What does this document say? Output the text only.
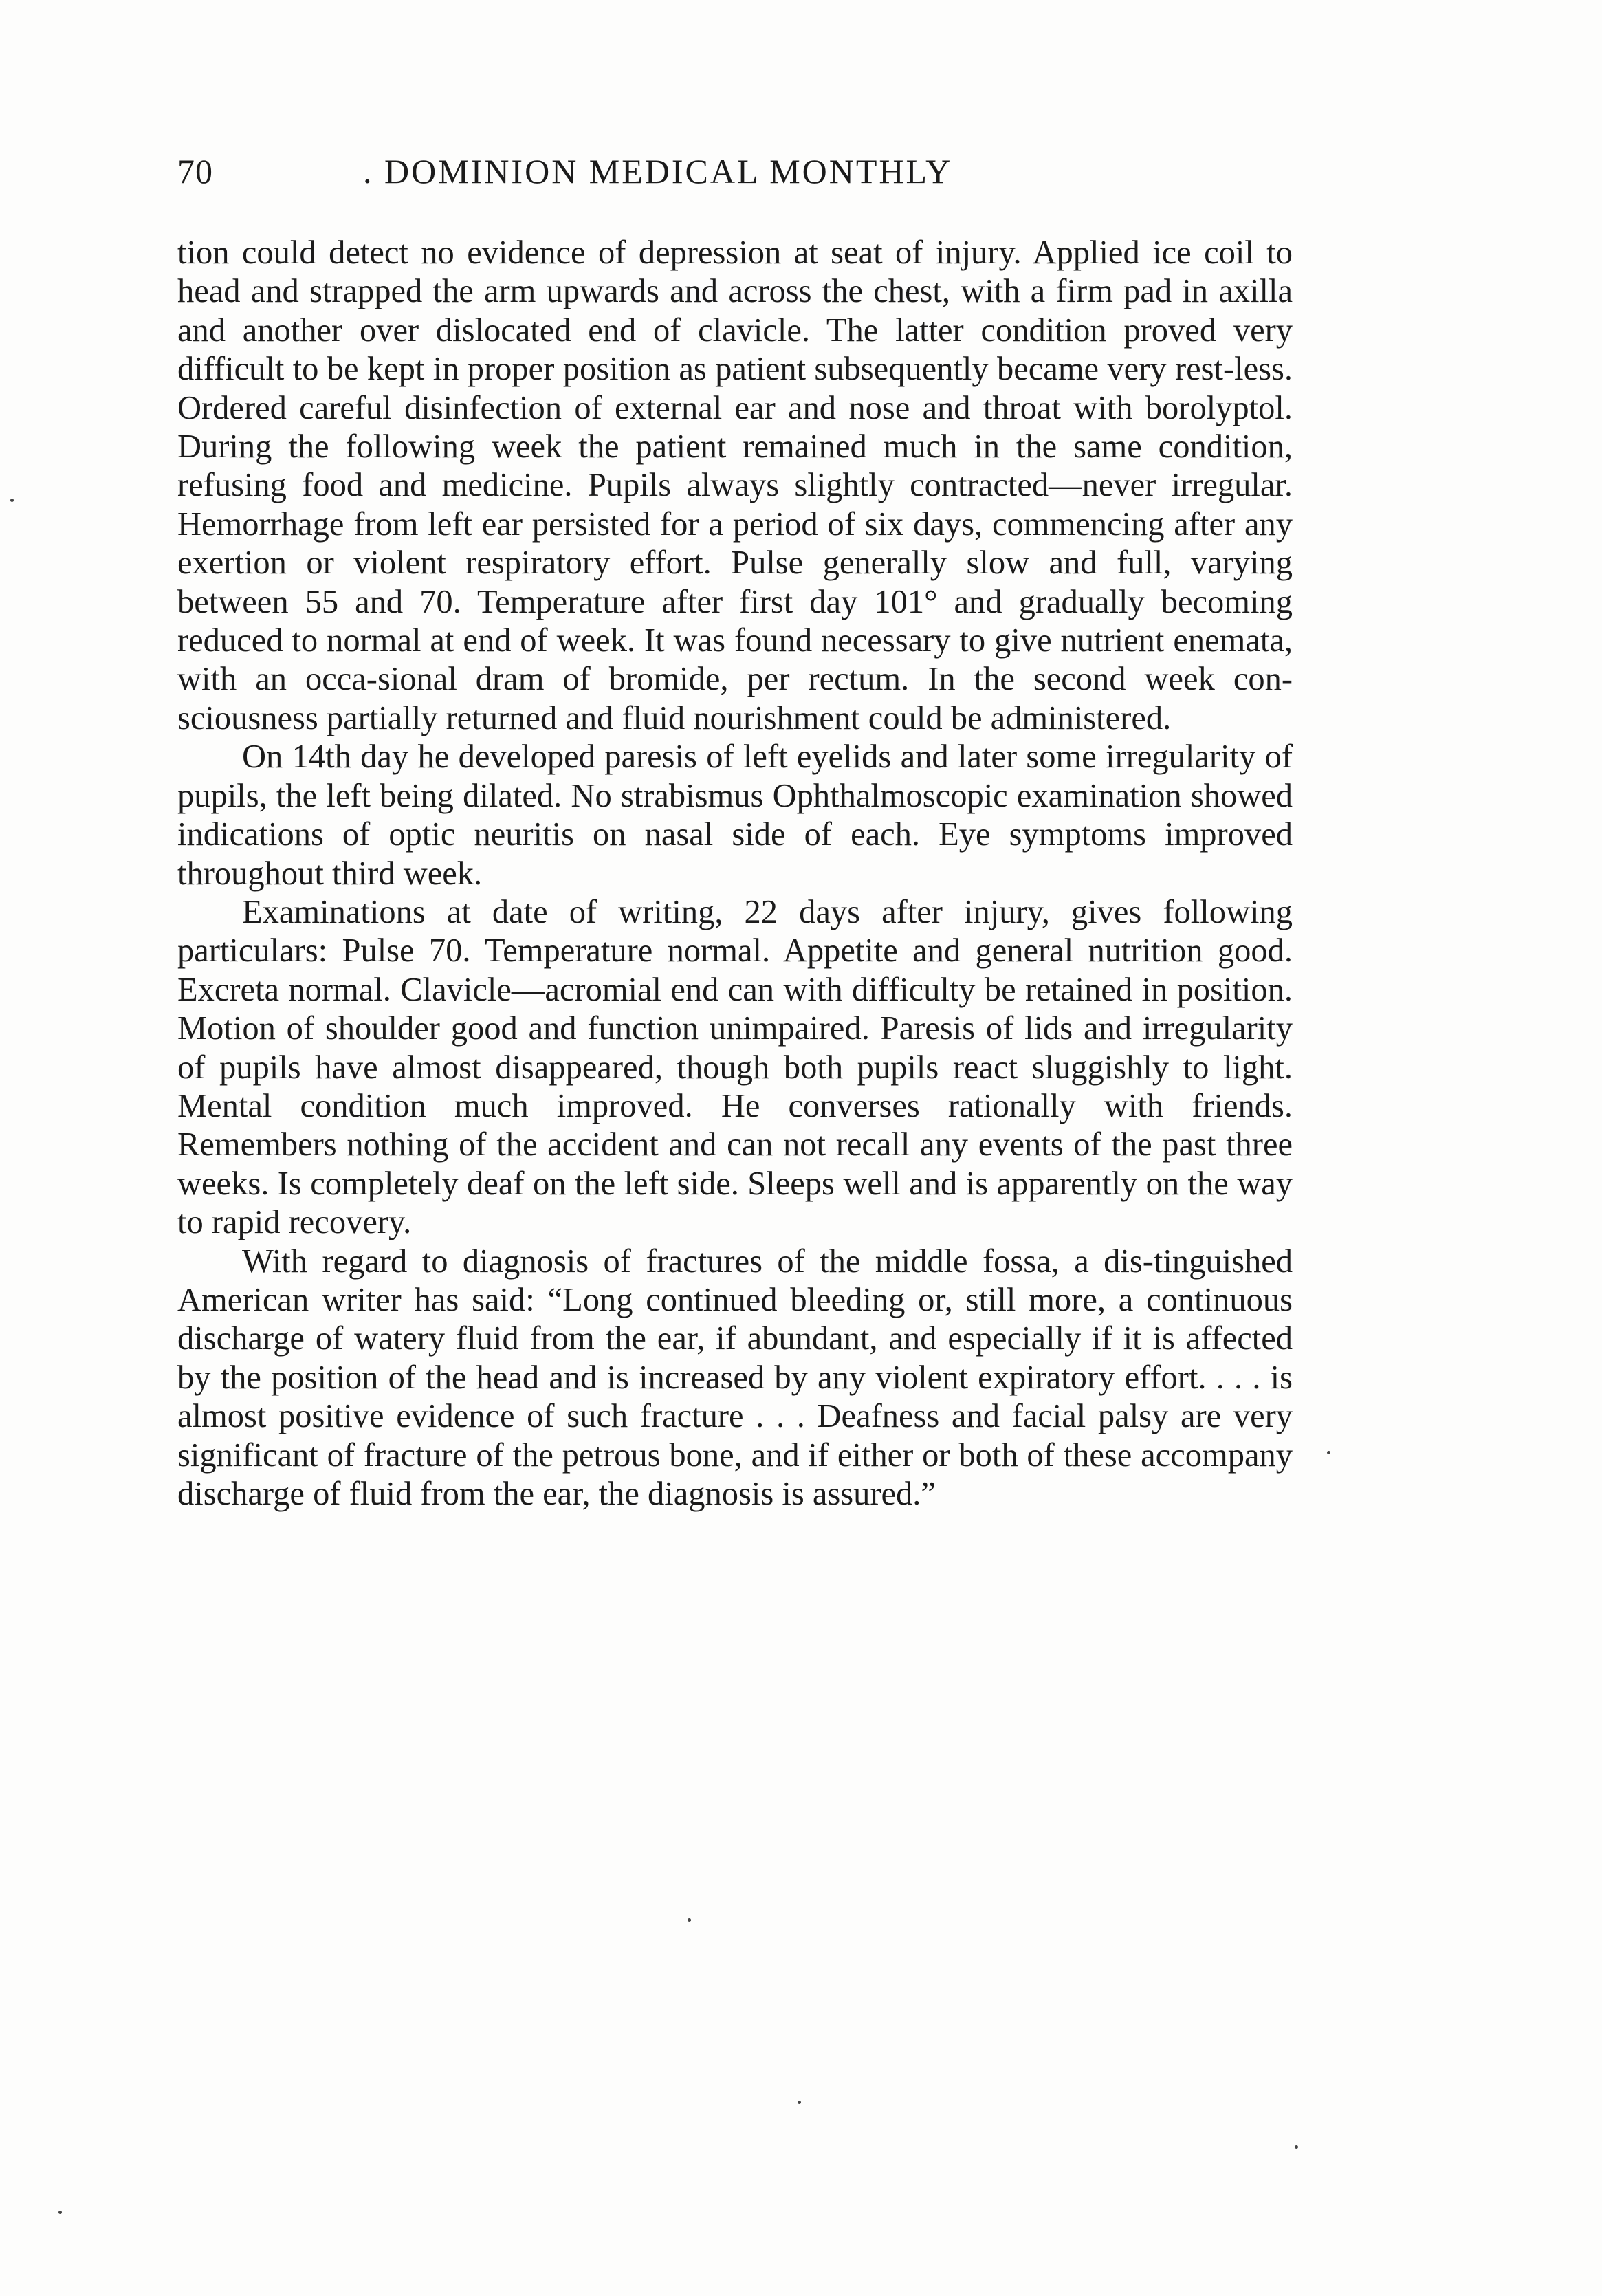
70	. DOMINION MEDICAL MONTHLY

tion could detect no evidence of depression at seat of injury. Applied ice coil to head and strapped the arm upwards and across the chest, with a firm pad in axilla and another over dislocated end of clavicle. The latter condition proved very difficult to be kept in proper position as patient subsequently became very rest-less. Ordered careful disinfection of external ear and nose and throat with borolyptol. During the following week the patient remained much in the same condition, refusing food and medicine. Pupils always slightly contracted—never irregular. Hemorrhage from left ear persisted for a period of six days, commencing after any exertion or violent respiratory effort. Pulse generally slow and full, varying between 55 and 70. Temperature after first day 101° and gradually becoming reduced to normal at end of week. It was found necessary to give nutrient enemata, with an occa-sional dram of bromide, per rectum. In the second week con-sciousness partially returned and fluid nourishment could be administered.

On 14th day he developed paresis of left eyelids and later some irregularity of pupils, the left being dilated. No strabismus Ophthalmoscopic examination showed indications of optic neuritis on nasal side of each. Eye symptoms improved throughout third week.

Examinations at date of writing, 22 days after injury, gives following particulars: Pulse 70. Temperature normal. Appetite and general nutrition good. Excreta normal. Clavicle—acromial end can with difficulty be retained in position. Motion of shoulder good and function unimpaired. Paresis of lids and irregularity of pupils have almost disappeared, though both pupils react sluggishly to light. Mental condition much improved. He converses rationally with friends. Remembers nothing of the accident and can not recall any events of the past three weeks. Is completely deaf on the left side. Sleeps well and is apparently on the way to rapid recovery.

With regard to diagnosis of fractures of the middle fossa, a dis-tinguished American writer has said: “Long continued bleeding or, still more, a continuous discharge of watery fluid from the ear, if abundant, and especially if it is affected by the position of the head and is increased by any violent expiratory effort. . . . is almost positive evidence of such fracture . . . Deafness and facial palsy are very significant of fracture of the petrous bone, and if either or both of these accompany discharge of fluid from the ear, the diagnosis is assured.”
